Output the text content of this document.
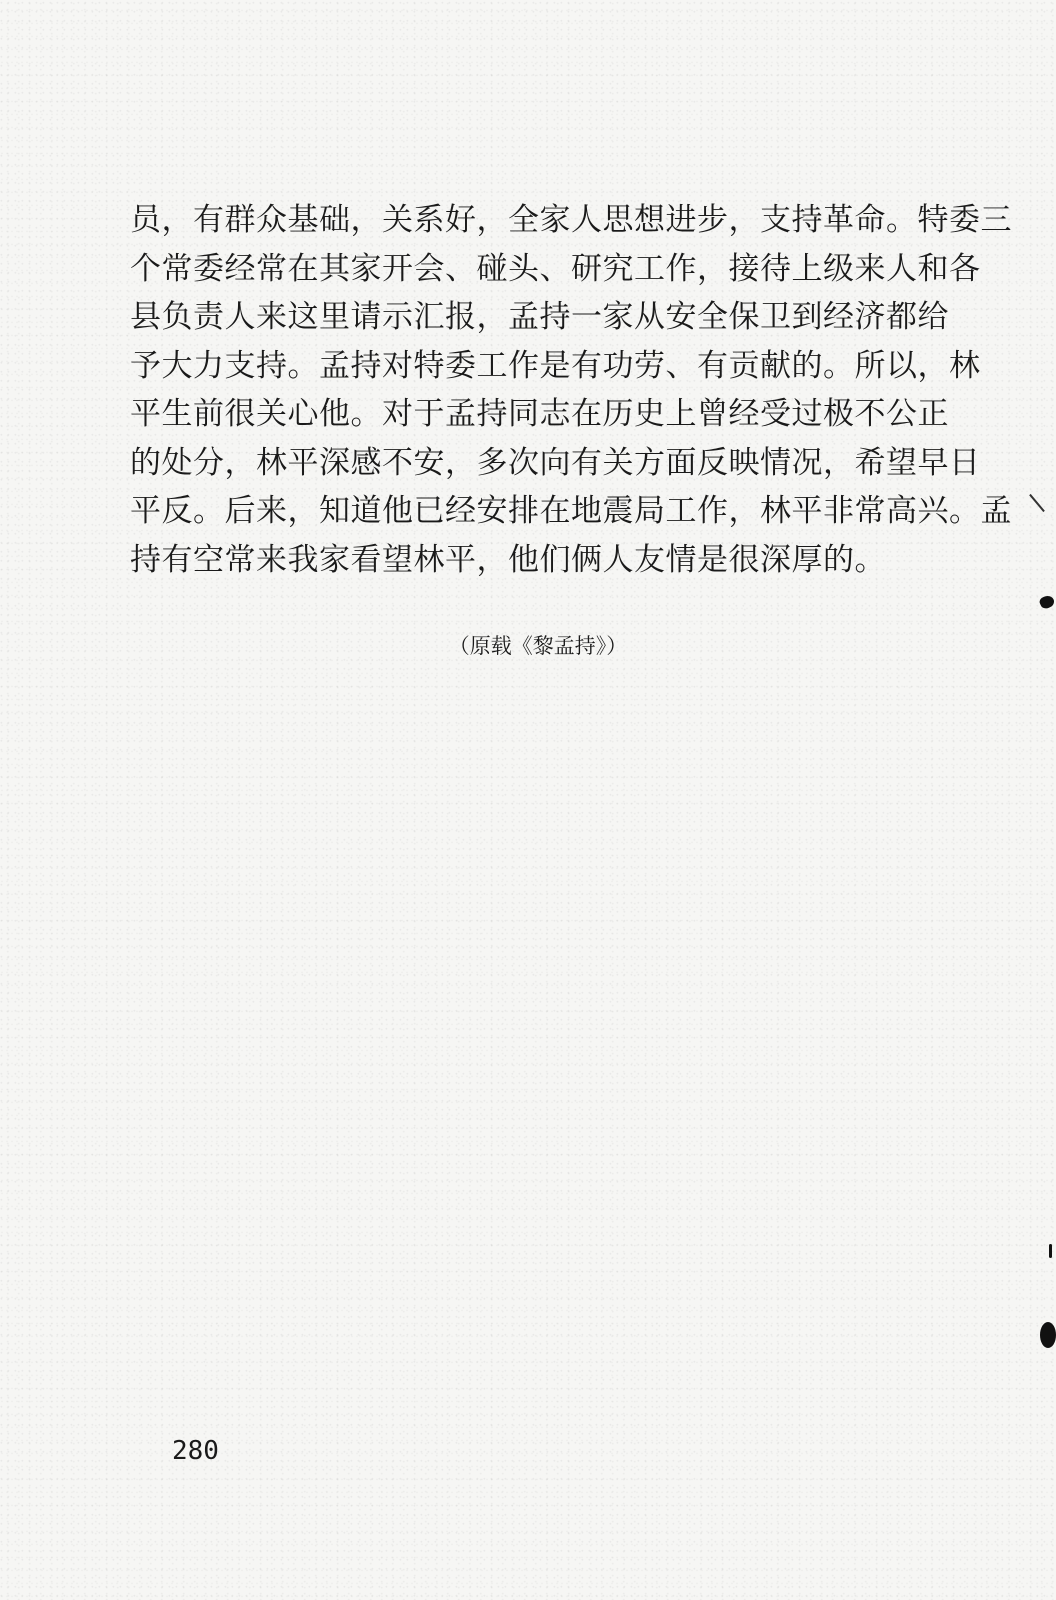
员，有群众基础，关系好，全家人思想进步，支持革命。特委三
个常委经常在其家开会、碰头、研究工作，接待上级来人和各
县负责人来这里请示汇报，孟持一家从安全保卫到经济都给
予大力支持。孟持对特委工作是有功劳、有贡献的。所以，林
平生前很关心他。对于孟持同志在历史上曾经受过极不公正
的处分，林平深感不安，多次向有关方面反映情况，希望早日
平反。后来，知道他已经安排在地震局工作，林平非常高兴。孟
持有空常来我家看望林平，他们俩人友情是很深厚的。
（原载《黎孟持》）
280
